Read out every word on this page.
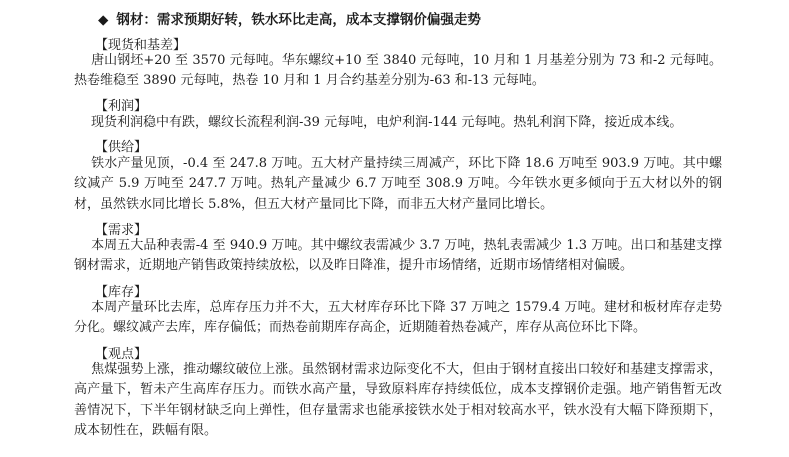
◆ 钢材：需求预期好转，铁水环比走高，成本支撑钢价偏强走势
【现货和基差】
唐山钢坯+20 至 3570 元每吨。华东螺纹+10 至 3840 元每吨，10 月和 1 月基差分别为 73 和-2 元每吨。热卷维稳至 3890 元每吨，热卷 10 月和 1 月合约基差分别为-63 和-13 元每吨。
【利润】
现货利润稳中有跌，螺纹长流程利润-39 元每吨，电炉利润-144 元每吨。热轧利润下降，接近成本线。
【供给】
铁水产量见顶，-0.4 至 247.8 万吨。五大材产量持续三周减产，环比下降 18.6 万吨至 903.9 万吨。其中螺纹减产 5.9 万吨至 247.7 万吨。热轧产量减少 6.7 万吨至 308.9 万吨。今年铁水更多倾向于五大材以外的钢材，虽然铁水同比增长 5.8%，但五大材产量同比下降，而非五大材产量同比增长。
【需求】
本周五大品种表需-4 至 940.9 万吨。其中螺纹表需减少 3.7 万吨，热轧表需减少 1.3 万吨。出口和基建支撑钢材需求，近期地产销售政策持续放松，以及昨日降准，提升市场情绪，近期市场情绪相对偏暖。
【库存】
本周产量环比去库，总库存压力并不大，五大材库存环比下降 37 万吨之 1579.4 万吨。建材和板材库存走势分化。螺纹减产去库，库存偏低；而热卷前期库存高企，近期随着热卷减产，库存从高位环比下降。
【观点】
焦煤强势上涨，推动螺纹破位上涨。虽然钢材需求边际变化不大，但由于钢材直接出口较好和基建支撑需求，高产量下，暂未产生高库存压力。而铁水高产量，导致原料库存持续低位，成本支撑钢价走强。地产销售暂无改善情况下，下半年钢材缺乏向上弹性，但存量需求也能承接铁水处于相对较高水平，铁水没有大幅下降预期下，成本韧性在，跌幅有限。
